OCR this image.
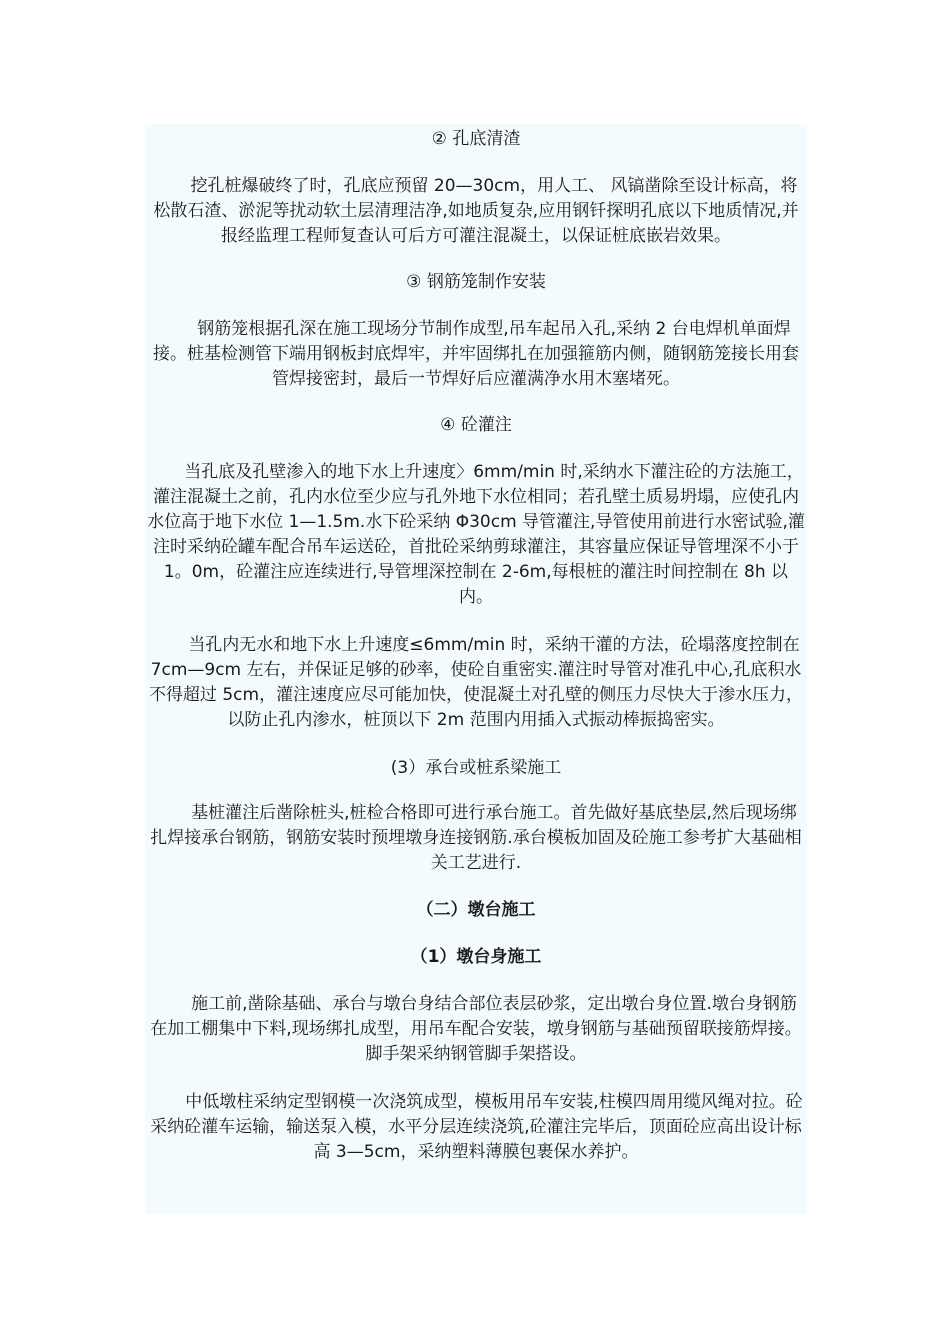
② 孔底清渣

挖孔桩爆破终了时，孔底应预留 20—30cm，用人工、 风镐凿除至设计标高，将松散石渣、淤泥等扰动软土层清理洁净,如地质复杂,应用钢钎探明孔底以下地质情况,并报经监理工程师复查认可后方可灌注混凝土，以保证桩底嵌岩效果。

③ 钢筋笼制作安装

钢筋笼根据孔深在施工现场分节制作成型,吊车起吊入孔,采纳 2 台电焊机单面焊接。桩基检测管下端用钢板封底焊牢，并牢固绑扎在加强箍筋内侧，随钢筋笼接长用套管焊接密封，最后一节焊好后应灌满净水用木塞堵死。

④ 砼灌注

当孔底及孔壁渗入的地下水上升速度〉6mm/min 时,采纳水下灌注砼的方法施工，灌注混凝土之前，孔内水位至少应与孔外地下水位相同；若孔壁土质易坍塌，应使孔内水位高于地下水位 1—1.5m.水下砼采纳 Φ30cm 导管灌注,导管使用前进行水密试验,灌注时采纳砼罐车配合吊车运送砼，首批砼采纳剪球灌注，其容量应保证导管埋深不小于 1。0m，砼灌注应连续进行,导管埋深控制在 2-6m,每根桩的灌注时间控制在 8h 以内。

当孔内无水和地下水上升速度≤6mm/min 时，采纳干灌的方法，砼塌落度控制在 7cm—9cm 左右，并保证足够的砂率，使砼自重密实.灌注时导管对准孔中心,孔底积水不得超过 5cm，灌注速度应尽可能加快，使混凝土对孔壁的侧压力尽快大于渗水压力，以防止孔内渗水，桩顶以下 2m 范围内用插入式振动棒振捣密实。

(3）承台或桩系梁施工

基桩灌注后凿除桩头,桩检合格即可进行承台施工。首先做好基底垫层,然后现场绑扎焊接承台钢筋，钢筋安装时预埋墩身连接钢筋.承台模板加固及砼施工参考扩大基础相关工艺进行.

（二）墩台施工

（1）墩台身施工

施工前,凿除基础、承台与墩台身结合部位表层砂浆，定出墩台身位置.墩台身钢筋在加工棚集中下料,现场绑扎成型，用吊车配合安装，墩身钢筋与基础预留联接筋焊接。脚手架采纳钢管脚手架搭设。

中低墩柱采纳定型钢模一次浇筑成型，模板用吊车安装,柱模四周用缆风绳对拉。砼采纳砼灌车运输，输送泵入模，水平分层连续浇筑,砼灌注完毕后，顶面砼应高出设计标高 3—5cm，采纳塑料薄膜包裹保水养护。
